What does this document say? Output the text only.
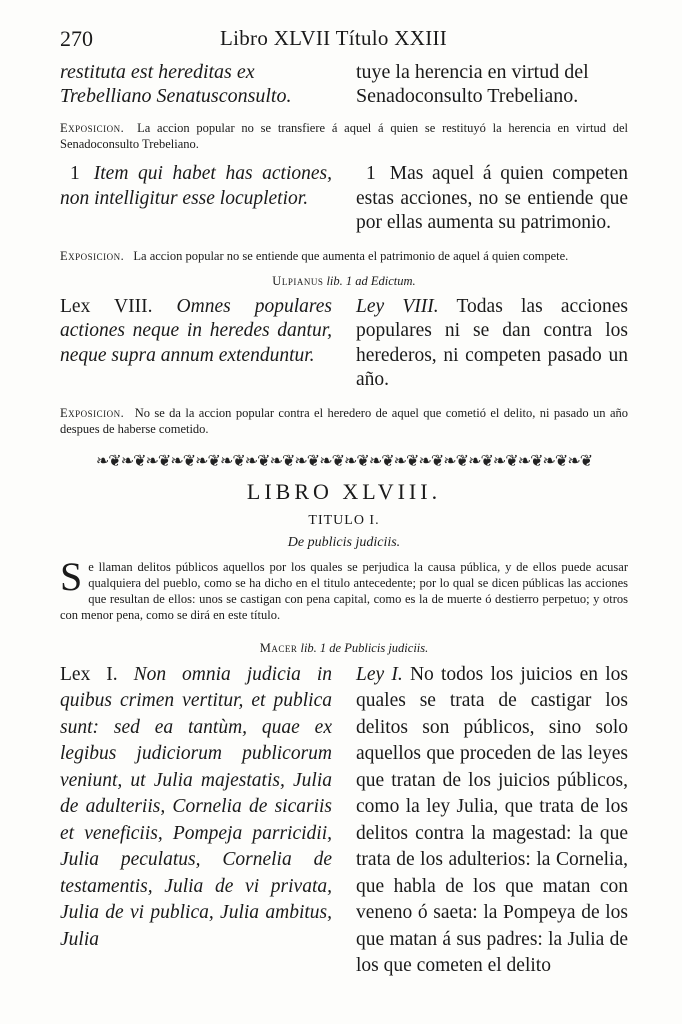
270	Libro XLVII Título XXIII
restituta est hereditas ex Trebelliano Senatusconsulto.
tuye la herencia en virtud del Senadoconsulto Trebeliano.
Exposicion. La accion popular no se transfiere á aquel á quien se restituyó la herencia en virtud del Senadoconsulto Trebeliano.
1 Item qui habet has actiones, non intelligitur esse locupletior.
1 Mas aquel á quien competen estas acciones, no se entiende que por ellas aumenta su patrimonio.
Exposicion. La accion popular no se entiende que aumenta el patrimonio de aquel á quien compete.
Ulpianus lib. 1 ad Edictum.
Lex VIII. Omnes populares actiones neque in heredes dantur, neque supra annum extenduntur.
Ley VIII. Todas las acciones populares ni se dan contra los herederos, ni competen pasado un año.
Exposicion. No se da la accion popular contra el heredero de aquel que cometió el delito, ni pasado un año despues de haberse cometido.
❧❦❧❦❧❦❧❦❧❦❧❦❧❦❧❦❧❦❧❦❧❦❧❦❧❦❧❦❧❦❧❦❧❦❧❦❧❦❧❦
LIBRO XLVIII.
TITULO I.
De publicis judiciis.
S e llaman delitos públicos aquellos por los quales se perjudica la causa pública, y de ellos puede acusar qualquiera del pueblo, como se ha dicho en el titulo antecedente; por lo qual se dicen públicas las acciones que resultan de ellos: unos se castigan con pena capital, como es la de muerte ó destierro perpetuo; y otros con menor pena, como se dirá en este título.
Macer lib. 1 de Publicis judiciis.
Lex I. Non omnia judicia in quibus crimen vertitur, et publica sunt: sed ea tantùm, quae ex legibus judiciorum publicorum veniunt, ut Julia majestatis, Julia de adulteriis, Cornelia de sicariis et veneficiis, Pompeja parricidii, Julia peculatus, Cornelia de testamentis, Julia de vi privata, Julia de vi publica, Julia ambitus, Julia
Ley I. No todos los juicios en los quales se trata de castigar los delitos son públicos, sino solo aquellos que proceden de las leyes que tratan de los juicios públicos, como la ley Julia, que trata de los delitos contra la magestad: la que trata de los adulterios: la Cornelia, que habla de los que matan con veneno ó saeta: la Pompeya de los que matan á sus padres: la Julia de los que cometen el delito
